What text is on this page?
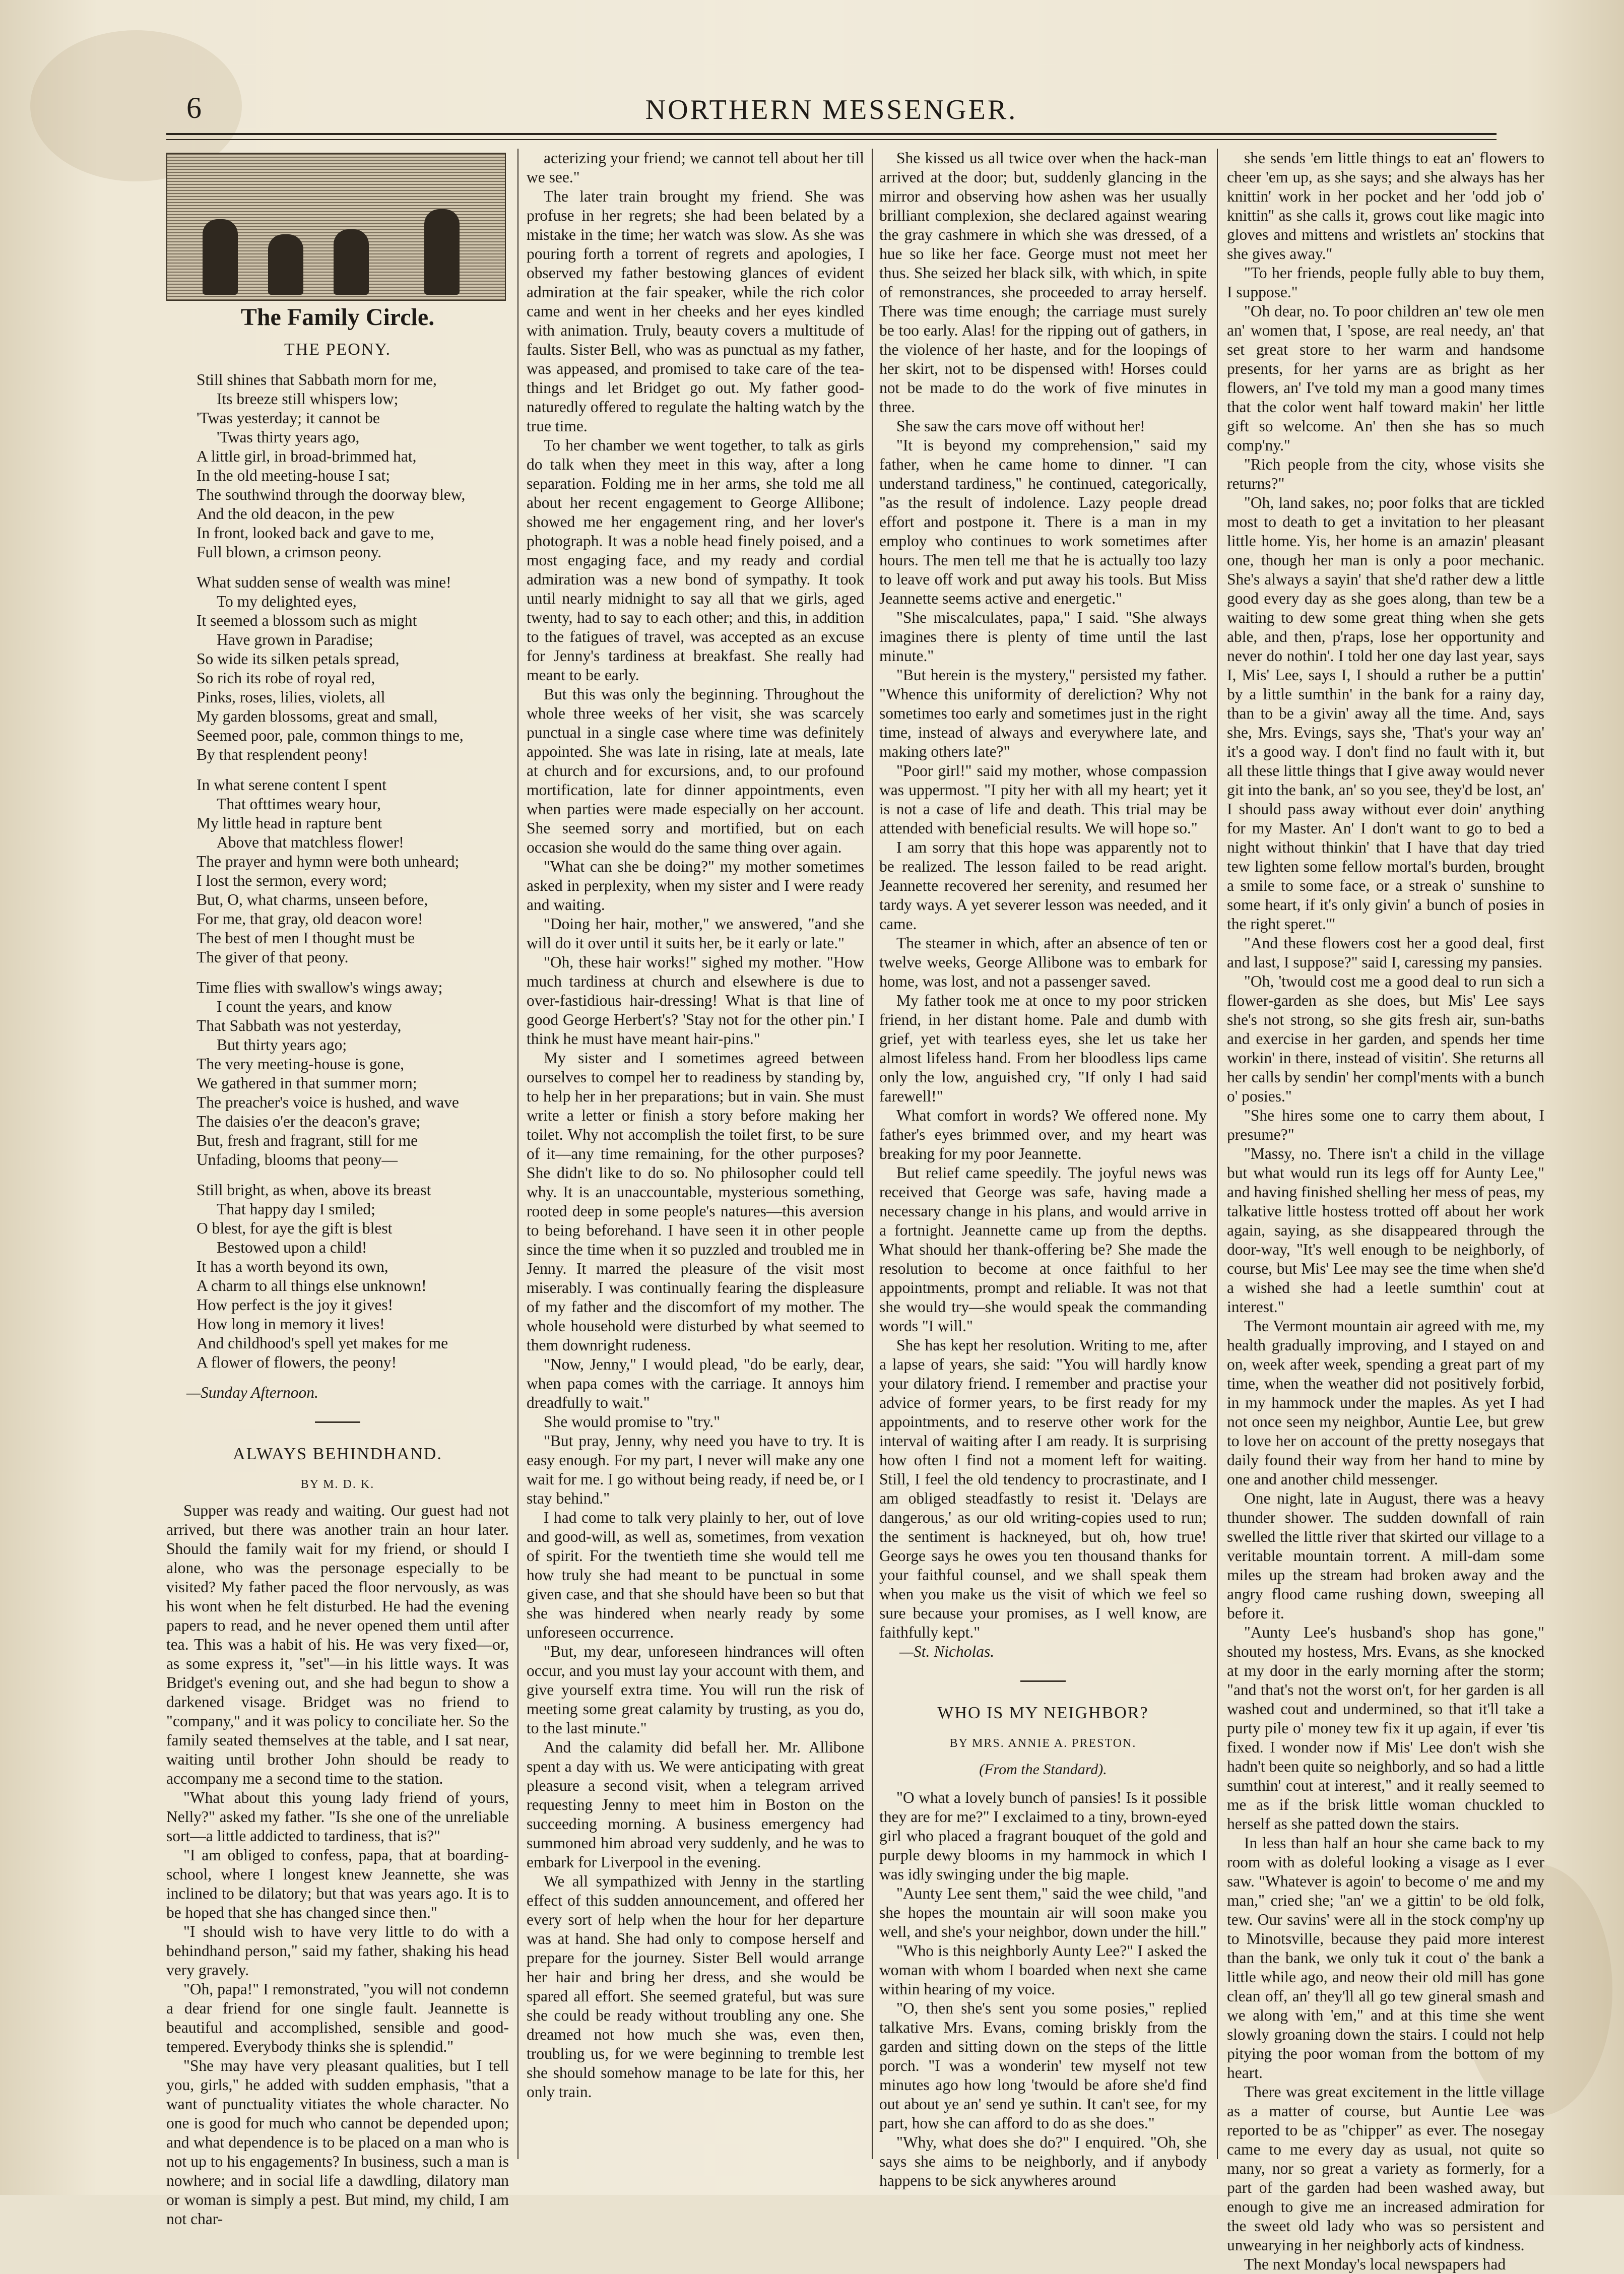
6	NORTHERN MESSENGER.
The Family Circle.
THE PEONY.
Still shines that Sabbath morn for me,
Its breeze still whispers low;
'Twas yesterday; it cannot be
'Twas thirty years ago,
A little girl, in broad-brimmed hat,
In the old meeting-house I sat;
The southwind through the doorway blew,
And the old deacon, in the pew
In front, looked back and gave to me,
Full blown, a crimson peony.
What sudden sense of wealth was mine!
To my delighted eyes,
It seemed a blossom such as might
Have grown in Paradise;
So wide its silken petals spread,
So rich its robe of royal red,
Pinks, roses, lilies, violets, all
My garden blossoms, great and small,
Seemed poor, pale, common things to me,
By that resplendent peony!
In what serene content I spent
That ofttimes weary hour,
My little head in rapture bent
Above that matchless flower!
The prayer and hymn were both unheard;
I lost the sermon, every word;
But, O, what charms, unseen before,
For me, that gray, old deacon wore!
The best of men I thought must be
The giver of that peony.
Time flies with swallow's wings away;
I count the years, and know
That Sabbath was not yesterday,
But thirty years ago;
The very meeting-house is gone,
We gathered in that summer morn;
The preacher's voice is hushed, and wave
The daisies o'er the deacon's grave;
But, fresh and fragrant, still for me
Unfading, blooms that peony—
Still bright, as when, above its breast
That happy day I smiled;
O blest, for aye the gift is blest
Bestowed upon a child!
It has a worth beyond its own,
A charm to all things else unknown!
How perfect is the joy it gives!
How long in memory it lives!
And childhood's spell yet makes for me
A flower of flowers, the peony!
—Sunday Afternoon.
ALWAYS BEHINDHAND.
BY M. D. K.

Supper was ready and waiting. Our guest had not arrived, but there was another train an hour later. Should the family wait for my friend, or should I alone, who was the personage especially to be visited? My father paced the floor nervously, as was his wont when he felt disturbed. He had the evening papers to read, and he never opened them until after tea. This was a habit of his. He was very fixed—or, as some express it, "set"—in his little ways. It was Bridget's evening out, and she had begun to show a darkened visage. Bridget was no friend to "company," and it was policy to conciliate her. So the family seated themselves at the table, and I sat near, waiting until brother John should be ready to accompany me a second time to the station.

"What about this young lady friend of yours, Nelly?" asked my father. "Is she one of the unreliable sort—a little addicted to tardiness, that is?"

"I am obliged to confess, papa, that at boarding-school, where I longest knew Jeannette, she was inclined to be dilatory; but that was years ago. It is to be hoped that she has changed since then."

"I should wish to have very little to do with a behindhand person," said my father, shaking his head very gravely.

"Oh, papa!" I remonstrated, "you will not condemn a dear friend for one single fault. Jeannette is beautiful and accomplished, sensible and good-tempered. Everybody thinks she is splendid."

"She may have very pleasant qualities, but I tell you, girls," he added with sudden emphasis, "that a want of punctuality vitiates the whole character. No one is good for much who cannot be depended upon; and what dependence is to be placed on a man who is not up to his engagements? In business, such a man is nowhere; and in social life a dawdling, dilatory man or woman is simply a pest. But mind, my child, I am not char-

acterizing your friend; we cannot tell about her till we see."

The later train brought my friend. She was profuse in her regrets; she had been belated by a mistake in the time; her watch was slow. As she was pouring forth a torrent of regrets and apologies, I observed my father bestowing glances of evident admiration at the fair speaker, while the rich color came and went in her cheeks and her eyes kindled with animation. Truly, beauty covers a multitude of faults. Sister Bell, who was as punctual as my father, was appeased, and promised to take care of the tea-things and let Bridget go out. My father good-naturedly offered to regulate the halting watch by the true time.

To her chamber we went together, to talk as girls do talk when they meet in this way, after a long separation. Folding me in her arms, she told me all about her recent engagement to George Allibone; showed me her engagement ring, and her lover's photograph. It was a noble head finely poised, and a most engaging face, and my ready and cordial admiration was a new bond of sympathy. It took until nearly midnight to say all that we girls, aged twenty, had to say to each other; and this, in addition to the fatigues of travel, was accepted as an excuse for Jenny's tardiness at breakfast. She really had meant to be early.

But this was only the beginning. Throughout the whole three weeks of her visit, she was scarcely punctual in a single case where time was definitely appointed. She was late in rising, late at meals, late at church and for excursions, and, to our profound mortification, late for dinner appointments, even when parties were made especially on her account. She seemed sorry and mortified, but on each occasion she would do the same thing over again.

"What can she be doing?" my mother sometimes asked in perplexity, when my sister and I were ready and waiting.

"Doing her hair, mother," we answered, "and she will do it over until it suits her, be it early or late."

"Oh, these hair works!" sighed my mother. "How much tardiness at church and elsewhere is due to over-fastidious hair-dressing! What is that line of good George Herbert's? 'Stay not for the other pin.' I think he must have meant hair-pins."

My sister and I sometimes agreed between ourselves to compel her to readiness by standing by, to help her in her preparations; but in vain. She must write a letter or finish a story before making her toilet. Why not accomplish the toilet first, to be sure of it—any time remaining, for the other purposes? She didn't like to do so. No philosopher could tell why. It is an unaccountable, mysterious something, rooted deep in some people's natures—this aversion to being beforehand. I have seen it in other people since the time when it so puzzled and troubled me in Jenny. It marred the pleasure of the visit most miserably. I was continually fearing the displeasure of my father and the discomfort of my mother. The whole household were disturbed by what seemed to them downright rudeness.

"Now, Jenny," I would plead, "do be early, dear, when papa comes with the carriage. It annoys him dreadfully to wait."

She would promise to "try."

"But pray, Jenny, why need you have to try. It is easy enough. For my part, I never will make any one wait for me. I go without being ready, if need be, or I stay behind."

I had come to talk very plainly to her, out of love and good-will, as well as, sometimes, from vexation of spirit. For the twentieth time she would tell me how truly she had meant to be punctual in some given case, and that she should have been so but that she was hindered when nearly ready by some unforeseen occurrence.

"But, my dear, unforeseen hindrances will often occur, and you must lay your account with them, and give yourself extra time. You will run the risk of meeting some great calamity by trusting, as you do, to the last minute."

And the calamity did befall her. Mr. Allibone spent a day with us. We were anticipating with great pleasure a second visit, when a telegram arrived requesting Jenny to meet him in Boston on the succeeding morning. A business emergency had summoned him abroad very suddenly, and he was to embark for Liverpool in the evening.

We all sympathized with Jenny in the startling effect of this sudden announcement, and offered her every sort of help when the hour for her departure was at hand. She had only to compose herself and prepare for the journey. Sister Bell would arrange her hair and bring her dress, and she would be spared all effort. She seemed grateful, but was sure she could be ready without troubling any one. She dreamed not how much she was, even then, troubling us, for we were beginning to tremble lest she should somehow manage to be late for this, her only train.

She kissed us all twice over when the hack-man arrived at the door; but, suddenly glancing in the mirror and observing how ashen was her usually brilliant complexion, she declared against wearing the gray cashmere in which she was dressed, of a hue so like her face. George must not meet her thus. She seized her black silk, with which, in spite of remonstrances, she proceeded to array herself. There was time enough; the carriage must surely be too early. Alas! for the ripping out of gathers, in the violence of her haste, and for the loopings of her skirt, not to be dispensed with! Horses could not be made to do the work of five minutes in three.

She saw the cars move off without her!

"It is beyond my comprehension," said my father, when he came home to dinner. "I can understand tardiness," he continued, categorically, "as the result of indolence. Lazy people dread effort and postpone it. There is a man in my employ who continues to work sometimes after hours. The men tell me that he is actually too lazy to leave off work and put away his tools. But Miss Jeannette seems active and energetic."

"She miscalculates, papa," I said. "She always imagines there is plenty of time until the last minute."

"But herein is the mystery," persisted my father. "Whence this uniformity of dereliction? Why not sometimes too early and sometimes just in the right time, instead of always and everywhere late, and making others late?"

"Poor girl!" said my mother, whose compassion was uppermost. "I pity her with all my heart; yet it is not a case of life and death. This trial may be attended with beneficial results. We will hope so."

I am sorry that this hope was apparently not to be realized. The lesson failed to be read aright. Jeannette recovered her serenity, and resumed her tardy ways. A yet severer lesson was needed, and it came.

The steamer in which, after an absence of ten or twelve weeks, George Allibone was to embark for home, was lost, and not a passenger saved.

My father took me at once to my poor stricken friend, in her distant home. Pale and dumb with grief, yet with tearless eyes, she let us take her almost lifeless hand. From her bloodless lips came only the low, anguished cry, "If only I had said farewell!"

What comfort in words? We offered none. My father's eyes brimmed over, and my heart was breaking for my poor Jeannette.

But relief came speedily. The joyful news was received that George was safe, having made a necessary change in his plans, and would arrive in a fortnight. Jeannette came up from the depths. What should her thank-offering be? She made the resolution to become at once faithful to her appointments, prompt and reliable. It was not that she would try—she would speak the commanding words "I will."

She has kept her resolution. Writing to me, after a lapse of years, she said: "You will hardly know your dilatory friend. I remember and practise your advice of former years, to be first ready for my appointments, and to reserve other work for the interval of waiting after I am ready. It is surprising how often I find not a moment left for waiting. Still, I feel the old tendency to procrastinate, and I am obliged steadfastly to resist it. 'Delays are dangerous,' as our old writing-copies used to run; the sentiment is hackneyed, but oh, how true! George says he owes you ten thousand thanks for your faithful counsel, and we shall speak them when you make us the visit of which we feel so sure because your promises, as I well know, are faithfully kept."

—St. Nicholas.
WHO IS MY NEIGHBOR?
BY MRS. ANNIE A. PRESTON.
(From the Standard).

"O what a lovely bunch of pansies! Is it possible they are for me?" I exclaimed to a tiny, brown-eyed girl who placed a fragrant bouquet of the gold and purple dewy blooms in my hammock in which I was idly swinging under the big maple.

"Aunty Lee sent them," said the wee child, "and she hopes the mountain air will soon make you well, and she's your neighbor, down under the hill."

"Who is this neighborly Aunty Lee?" I asked the woman with whom I boarded when next she came within hearing of my voice.

"O, then she's sent you some posies," replied talkative Mrs. Evans, coming briskly from the garden and sitting down on the steps of the little porch. "I was a wonderin' tew myself not tew minutes ago how long 'twould be afore she'd find out about ye an' send ye suthin. It can't see, for my part, how she can afford to do as she does."

"Why, what does she do?" I enquired. "Oh, she says she aims to be neighborly, and if anybody happens to be sick anywheres around

she sends 'em little things to eat an' flowers to cheer 'em up, as she says; and she always has her knittin' work in her pocket and her 'odd job o' knittin'' as she calls it, grows cout like magic into gloves and mittens and wristlets an' stockins that she gives away."

"To her friends, people fully able to buy them, I suppose."

"Oh dear, no. To poor children an' tew ole men an' women that, I 'spose, are real needy, an' that set great store to her warm and handsome presents, for her yarns are as bright as her flowers, an' I've told my man a good many times that the color went half toward makin' her little gift so welcome. An' then she has so much comp'ny."

"Rich people from the city, whose visits she returns?"

"Oh, land sakes, no; poor folks that are tickled most to death to get a invitation to her pleasant little home. Yis, her home is an amazin' pleasant one, though her man is only a poor mechanic. She's always a sayin' that she'd rather dew a little good every day as she goes along, than tew be a waiting to dew some great thing when she gets able, and then, p'raps, lose her opportunity and never do nothin'. I told her one day last year, says I, Mis' Lee, says I, I should a ruther be a puttin' by a little sumthin' in the bank for a rainy day, than to be a givin' away all the time. And, says she, Mrs. Evings, says she, 'That's your way an' it's a good way. I don't find no fault with it, but all these little things that I give away would never git into the bank, an' so you see, they'd be lost, an' I should pass away without ever doin' anything for my Master. An' I don't want to go to bed a night without thinkin' that I have that day tried tew lighten some fellow mortal's burden, brought a smile to some face, or a streak o' sunshine to some heart, if it's only givin' a bunch of posies in the right speret.'"

"And these flowers cost her a good deal, first and last, I suppose?" said I, caressing my pansies.

"Oh, 'twould cost me a good deal to run sich a flower-garden as she does, but Mis' Lee says she's not strong, so she gits fresh air, sun-baths and exercise in her garden, and spends her time workin' in there, instead of visitin'. She returns all her calls by sendin' her compl'ments with a bunch o' posies."

"She hires some one to carry them about, I presume?"

"Massy, no. There isn't a child in the village but what would run its legs off for Aunty Lee," and having finished shelling her mess of peas, my talkative little hostess trotted off about her work again, saying, as she disappeared through the door-way, "It's well enough to be neighborly, of course, but Mis' Lee may see the time when she'd a wished she had a leetle sumthin' cout at interest."

The Vermont mountain air agreed with me, my health gradually improving, and I stayed on and on, week after week, spending a great part of my time, when the weather did not positively forbid, in my hammock under the maples. As yet I had not once seen my neighbor, Auntie Lee, but grew to love her on account of the pretty nosegays that daily found their way from her hand to mine by one and another child messenger.

One night, late in August, there was a heavy thunder shower. The sudden downfall of rain swelled the little river that skirted our village to a veritable mountain torrent. A mill-dam some miles up the stream had broken away and the angry flood came rushing down, sweeping all before it.

"Aunty Lee's husband's shop has gone," shouted my hostess, Mrs. Evans, as she knocked at my door in the early morning after the storm; "and that's not the worst on't, for her garden is all washed cout and undermined, so that it'll take a purty pile o' money tew fix it up again, if ever 'tis fixed. I wonder now if Mis' Lee don't wish she hadn't been quite so neighborly, and so had a little sumthin' cout at interest," and it really seemed to me as if the brisk little woman chuckled to herself as she patted down the stairs.

In less than half an hour she came back to my room with as doleful looking a visage as I ever saw. "Whatever is agoin' to become o' me and my man," cried she; "an' we a gittin' to be old folk, tew. Our savins' were all in the stock comp'ny up to Minotsville, because they paid more interest than the bank, we only tuk it cout o' the bank a little while ago, and neow their old mill has gone clean off, an' they'll all go tew gineral smash and we along with 'em," and at this time she went slowly groaning down the stairs. I could not help pitying the poor woman from the bottom of my heart.

There was great excitement in the little village as a matter of course, but Auntie Lee was reported to be as "chipper" as ever. The nosegay came to me every day as usual, not quite so many, nor so great a variety as formerly, for a part of the garden had been washed away, but enough to give me an increased admiration for the sweet old lady who was so persistent and unwearying in her neighborly acts of kindness.

The next Monday's local newspapers had
